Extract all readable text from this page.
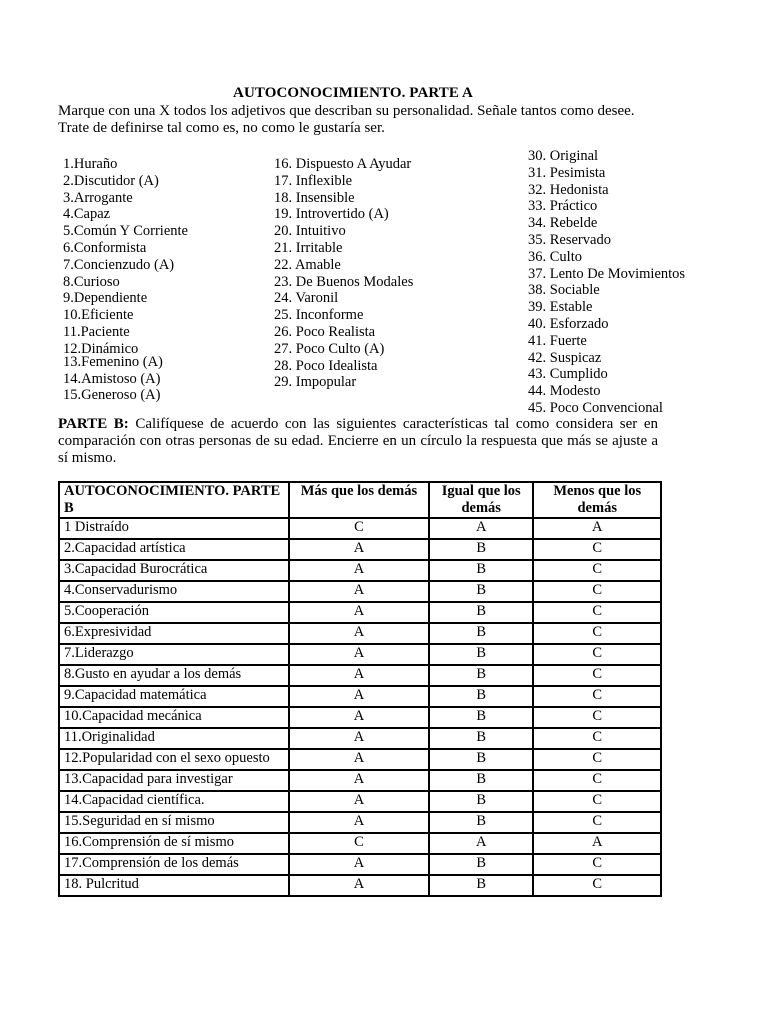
AUTOCONOCIMIENTO. PARTE A
Marque con una X todos los adjetivos que describan su personalidad. Señale tantos como desee.
Trate de definirse tal como es, no como le gustaría ser.
1.Huraño
2.Discutidor (A)
3.Arrogante
4.Capaz
5.Común Y Corriente
6.Conformista
7.Concienzudo (A)
8.Curioso
9.Dependiente
10.Eficiente
11.Paciente
12.Dinámico
13.Femenino (A)
14.Amistoso (A)
15.Generoso (A)
16. Dispuesto A Ayudar
17. Inflexible
18. Insensible
19. Introvertido (A)
20. Intuitivo
21. Irritable
22. Amable
23. De Buenos Modales
24. Varonil
25. Inconforme
26. Poco Realista
27. Poco Culto (A)
28. Poco Idealista
29. Impopular
30. Original
31. Pesimista
32. Hedonista
33. Práctico
34. Rebelde
35. Reservado
36. Culto
37. Lento De Movimientos
38. Sociable
39. Estable
40. Esforzado
41. Fuerte
42. Suspicaz
43. Cumplido
44. Modesto
45. Poco Convencional
PARTE B: Califíquese de acuerdo con las siguientes características tal como considera ser en comparación con otras personas de su edad. Encierre en un círculo la respuesta que más se ajuste a sí mismo.
AUTOCONOCIMIENTO. PARTE B	Más que los demás	Igual que los demás	Menos que los demás
1 Distraído	C	A	A
2.Capacidad artística	A	B	C
3.Capacidad Burocrática	A	B	C
4.Conservadurismo	A	B	C
5.Cooperación	A	B	C
6.Expresividad	A	B	C
7.Liderazgo	A	B	C
8.Gusto en ayudar a los demás	A	B	C
9.Capacidad matemática	A	B	C
10.Capacidad mecánica	A	B	C
11.Originalidad	A	B	C
12.Popularidad con el sexo opuesto	A	B	C
13.Capacidad para investigar	A	B	C
14.Capacidad científica.	A	B	C
15.Seguridad en sí mismo	A	B	C
16.Comprensión de sí mismo	C	A	A
17.Comprensión de los demás	A	B	C
18. Pulcritud	A	B	C
